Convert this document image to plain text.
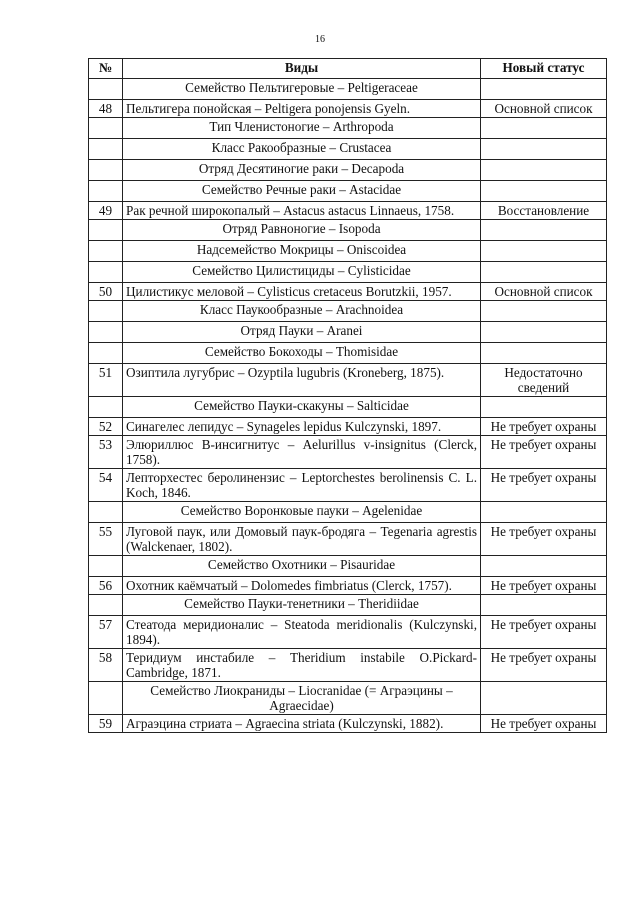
16
№	Виды	Новый статус
	Семейство Пельтигеровые – Peltigeraceae	
48	Пельтигера понойская – Peltigera ponojensis Gyeln.	Основной список
	Тип Членистоногие – Arthropoda	
	Класс Ракообразные – Crustacea	
	Отряд Десятиногие раки – Decapoda	
	Семейство Речные раки – Astacidae	
49	Рак речной широкопалый – Astacus astacus Linnaeus, 1758.	Восстановление
	Отряд Равноногие – Isopoda	
	Надсемейство Мокрицы – Oniscoidea	
	Семейство Цилистициды – Cylisticidae	
50	Цилистикус меловой – Cylisticus cretaceus Borutzkii, 1957.	Основной список
	Класс Паукообразные – Arachnoidea	
	Отряд Пауки – Aranei	
	Семейство Бокоходы – Thomisidae	
51	Озиптила лугубрис – Ozyptila lugubris (Kroneberg, 1875).	Недостаточно сведений
	Семейство Пауки-скакуны – Salticidae	
52	Синагелес лепидус – Synageles lepidus Kulczynski, 1897.	Не требует охраны
53	Элюриллюс В-инсигнитус – Aelurillus v-insignitus (Clerck, 1758).	Не требует охраны
54	Лепторхестес беролинензис – Leptorchestes berolinensis C. L. Koch, 1846.	Не требует охраны
	Семейство Воронковые пауки – Agelenidae	
55	Луговой паук, или Домовый паук-бродяга – Tegenaria agrestis (Walckenaer, 1802).	Не требует охраны
	Семейство Охотники – Pisauridae	
56	Охотник каёмчатый – Dolomedes fimbriatus (Clerck, 1757).	Не требует охраны
	Семейство Пауки-тенетники – Theridiidae	
57	Стеатода меридионалис – Steatoda meridionalis (Kulczynski, 1894).	Не требует охраны
58	Теридиум инстабиле – Theridium instabile O.Pickard-Cambridge, 1871.	Не требует охраны
	Семейство Лиокраниды – Liocranidae (= Аграэцины – Agraecidae)	
59	Аграэцина стриата – Agraecina striata (Kulczynski, 1882).	Не требует охраны
